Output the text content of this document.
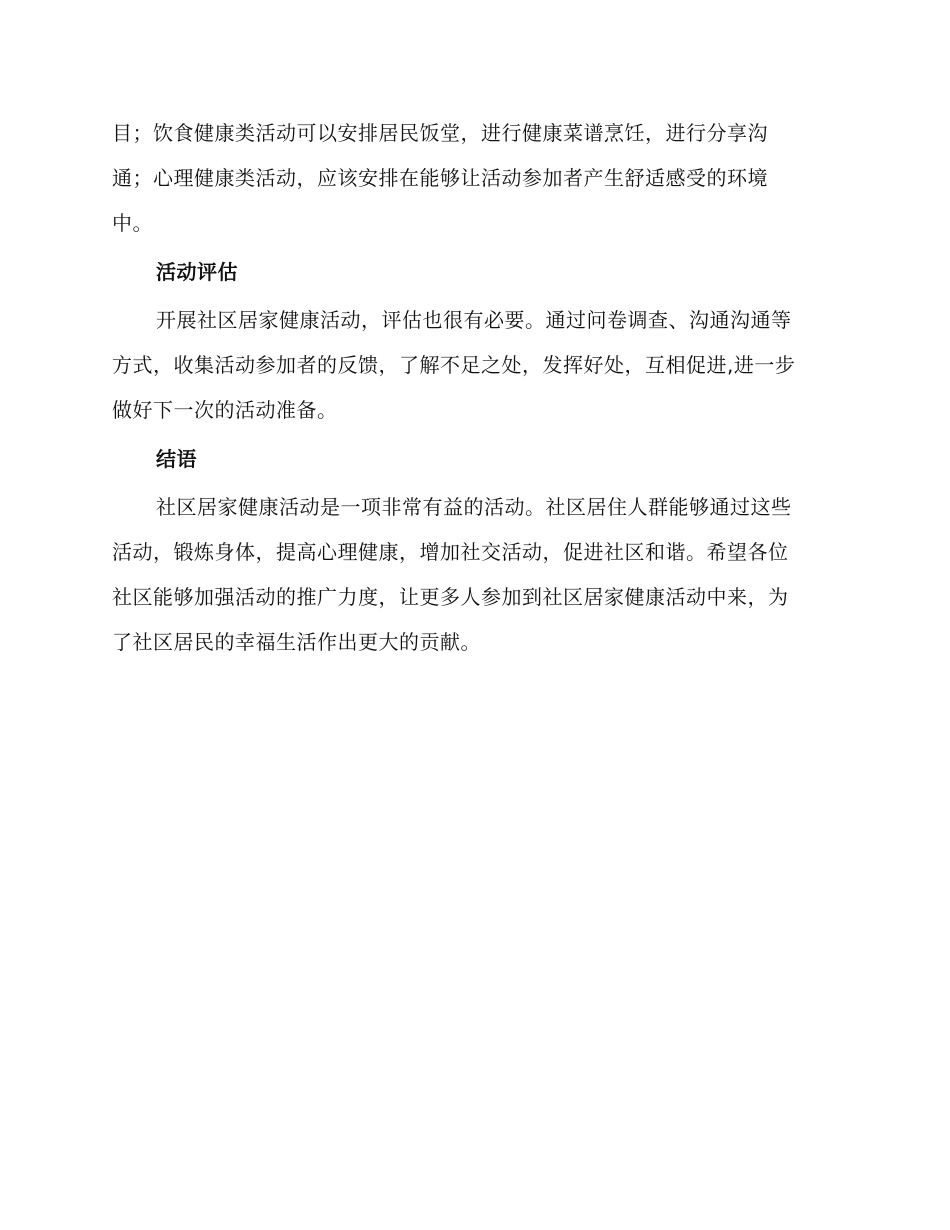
目；饮食健康类活动可以安排居民饭堂，进行健康菜谱烹饪，进行分享沟
通；心理健康类活动，应该安排在能够让活动参加者产生舒适感受的环境
中。

活动评估

开展社区居家健康活动，评估也很有必要。通过问卷调查、沟通沟通等
方式，收集活动参加者的反馈，了解不足之处，发挥好处，互相促进,进一步
做好下一次的活动准备。

结语

社区居家健康活动是一项非常有益的活动。社区居住人群能够通过这些
活动，锻炼身体，提高心理健康，增加社交活动，促进社区和谐。希望各位
社区能够加强活动的推广力度，让更多人参加到社区居家健康活动中来，为
了社区居民的幸福生活作出更大的贡献。
